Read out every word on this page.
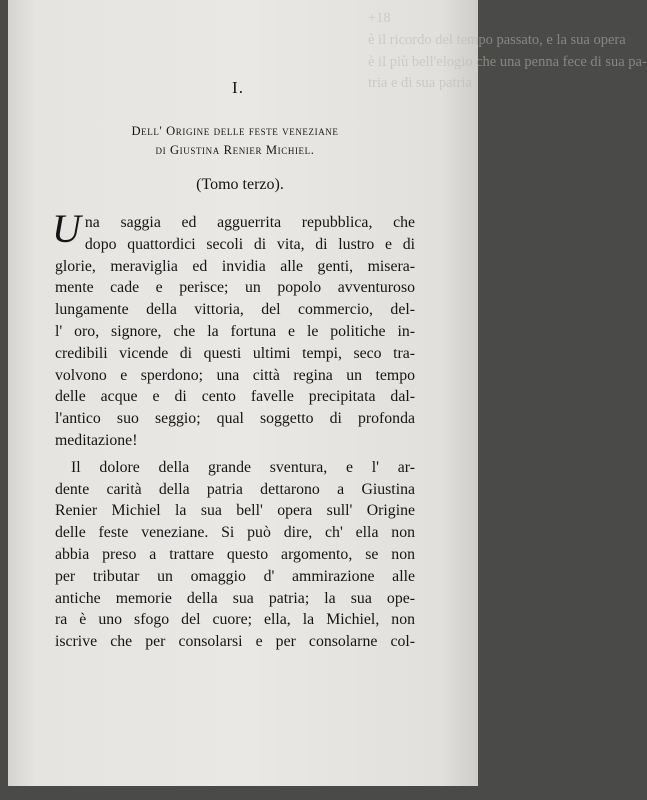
+18
è il ricordo del tempo passato, e la sua opera
è il più bell'elogio che una penna fece di sua pa-
tria e di sua patria
I.
Dell' Origine delle feste veneziane
di Giustina Renier Michiel.
(Tomo terzo).
U na saggia ed agguerrita repubblica, che
dopo quattordici secoli di vita, di lustro e di
glorie, meraviglia ed invidia alle genti, misera-
mente cade e perisce; un popolo avventuroso
lungamente della vittoria, del commercio, del-
l' oro, signore, che la fortuna e le politiche in-
credibili vicende di questi ultimi tempi, seco tra-
volvono e sperdono; una città regina un tempo
delle acque e di cento favelle precipitata dal-
l'antico suo seggio; qual soggetto di profonda
meditazione!
Il dolore della grande sventura, e l' ar-
dente carità della patria dettarono a Giustina
Renier Michiel la sua bell' opera sull' Origine
delle feste veneziane. Si può dire, ch' ella non
abbia preso a trattare questo argomento, se non
per tributar un omaggio d' ammirazione alle
antiche memorie della sua patria; la sua ope-
ra è uno sfogo del cuore; ella, la Michiel, non
iscrive che per consolarsi e per consolarne col-
